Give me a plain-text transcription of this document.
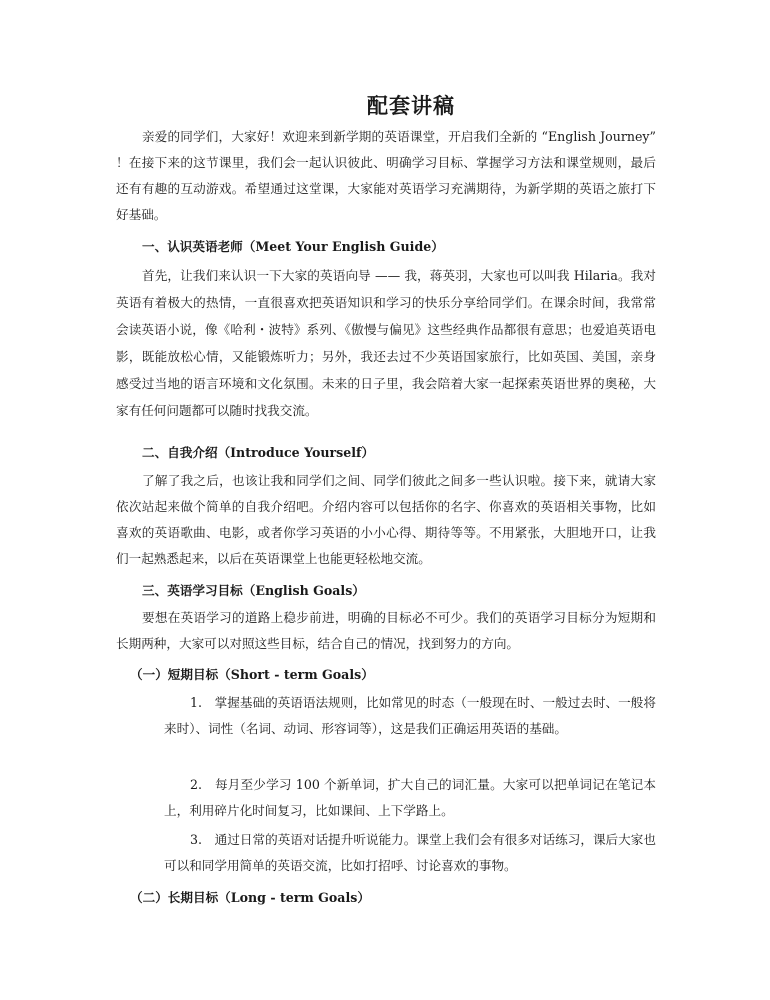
配套讲稿

亲爱的同学们，大家好！欢迎来到新学期的英语课堂，开启我们全新的 “English Journey” ！在接下来的这节课里，我们会一起认识彼此、明确学习目标、掌握学习方法和课堂规则，最后还有有趣的互动游戏。希望通过这堂课，大家能对英语学习充满期待，为新学期的英语之旅打下好基础。

一、认识英语老师（Meet Your English Guide）

首先，让我们来认识一下大家的英语向导 —— 我，蒋英羽，大家也可以叫我 Hilaria。我对英语有着极大的热情，一直很喜欢把英语知识和学习的快乐分享给同学们。在课余时间，我常常会读英语小说，像《哈利・波特》系列、《傲慢与偏见》这些经典作品都很有意思；也爱追英语电影，既能放松心情，又能锻炼听力；另外，我还去过不少英语国家旅行，比如英国、美国，亲身感受过当地的语言环境和文化氛围。未来的日子里，我会陪着大家一起探索英语世界的奥秘，大家有任何问题都可以随时找我交流。

二、自我介绍（Introduce Yourself）

了解了我之后，也该让我和同学们之间、同学们彼此之间多一些认识啦。接下来，就请大家依次站起来做个简单的自我介绍吧。介绍内容可以包括你的名字、你喜欢的英语相关事物，比如喜欢的英语歌曲、电影，或者你学习英语的小小心得、期待等等。不用紧张，大胆地开口，让我们一起熟悉起来，以后在英语课堂上也能更轻松地交流。

三、英语学习目标（English Goals）

要想在英语学习的道路上稳步前进，明确的目标必不可少。我们的英语学习目标分为短期和长期两种，大家可以对照这些目标，结合自己的情况，找到努力的方向。

（一）短期目标（Short - term Goals）

1.　掌握基础的英语语法规则，比如常见的时态（一般现在时、一般过去时、一般将来时）、词性（名词、动词、形容词等），这是我们正确运用英语的基础。

2.　每月至少学习 100 个新单词，扩大自己的词汇量。大家可以把单词记在笔记本上，利用碎片化时间复习，比如课间、上下学路上。

3.　通过日常的英语对话提升听说能力。课堂上我们会有很多对话练习，课后大家也可以和同学用简单的英语交流，比如打招呼、讨论喜欢的事物。

（二）长期目标（Long - term Goals）
